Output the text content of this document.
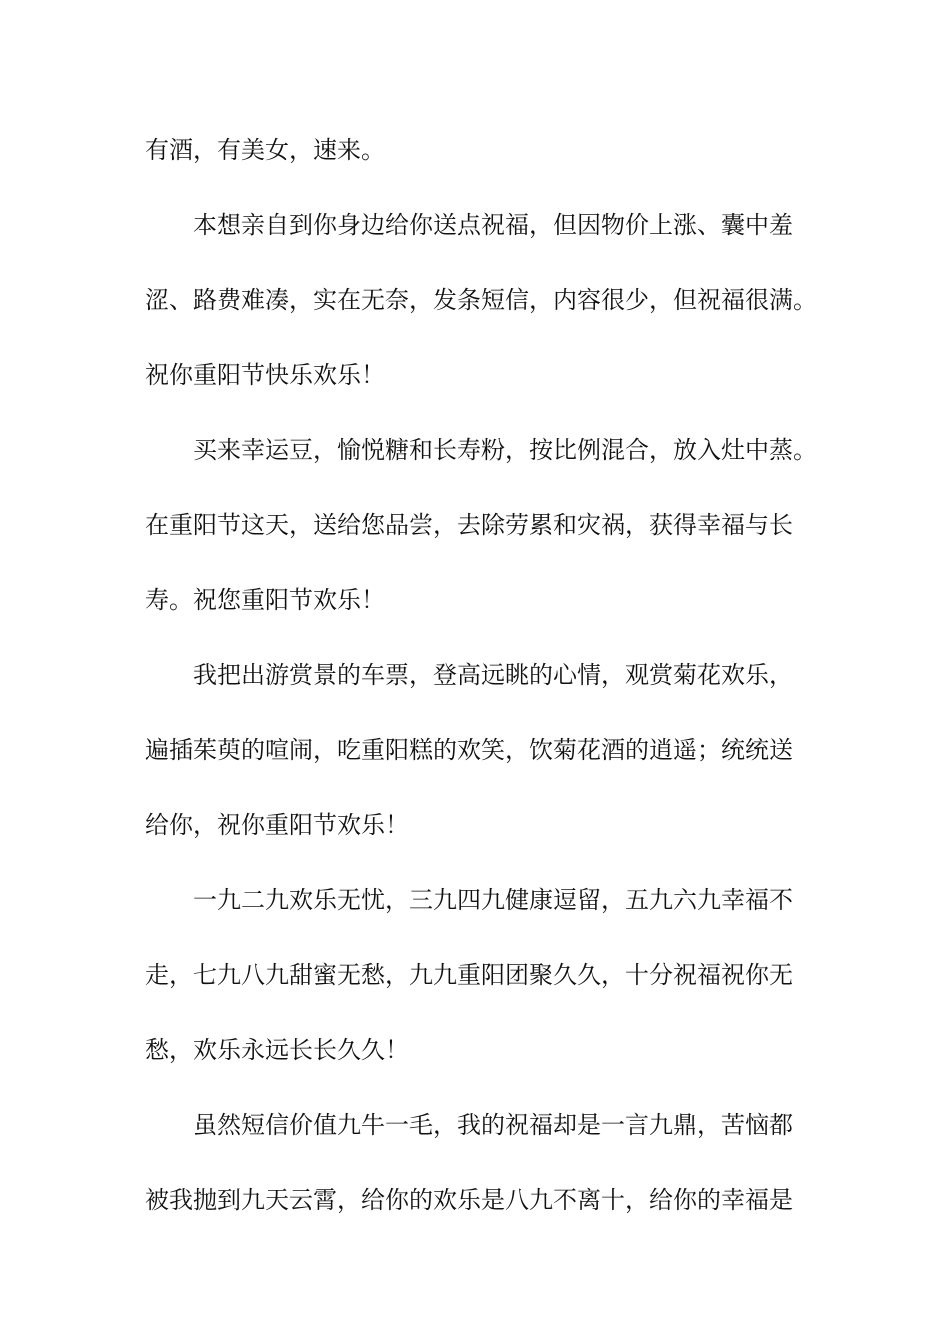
有酒，有美女，速来。
本想亲自到你身边给你送点祝福，但因物价上涨、囊中羞
涩、路费难凑，实在无奈，发条短信，内容很少，但祝福很满。
祝你重阳节快乐欢乐！
买来幸运豆，愉悦糖和长寿粉，按比例混合，放入灶中蒸。
在重阳节这天，送给您品尝，去除劳累和灾祸，获得幸福与长
寿。祝您重阳节欢乐！
我把出游赏景的车票，登高远眺的心情，观赏菊花欢乐，
遍插茱萸的喧闹，吃重阳糕的欢笑，饮菊花酒的逍遥；统统送
给你，祝你重阳节欢乐！
一九二九欢乐无忧，三九四九健康逗留，五九六九幸福不
走，七九八九甜蜜无愁，九九重阳团聚久久，十分祝福祝你无
愁，欢乐永远长长久久！
虽然短信价值九牛一毛，我的祝福却是一言九鼎，苦恼都
被我抛到九天云霄，给你的欢乐是八九不离十，给你的幸福是
